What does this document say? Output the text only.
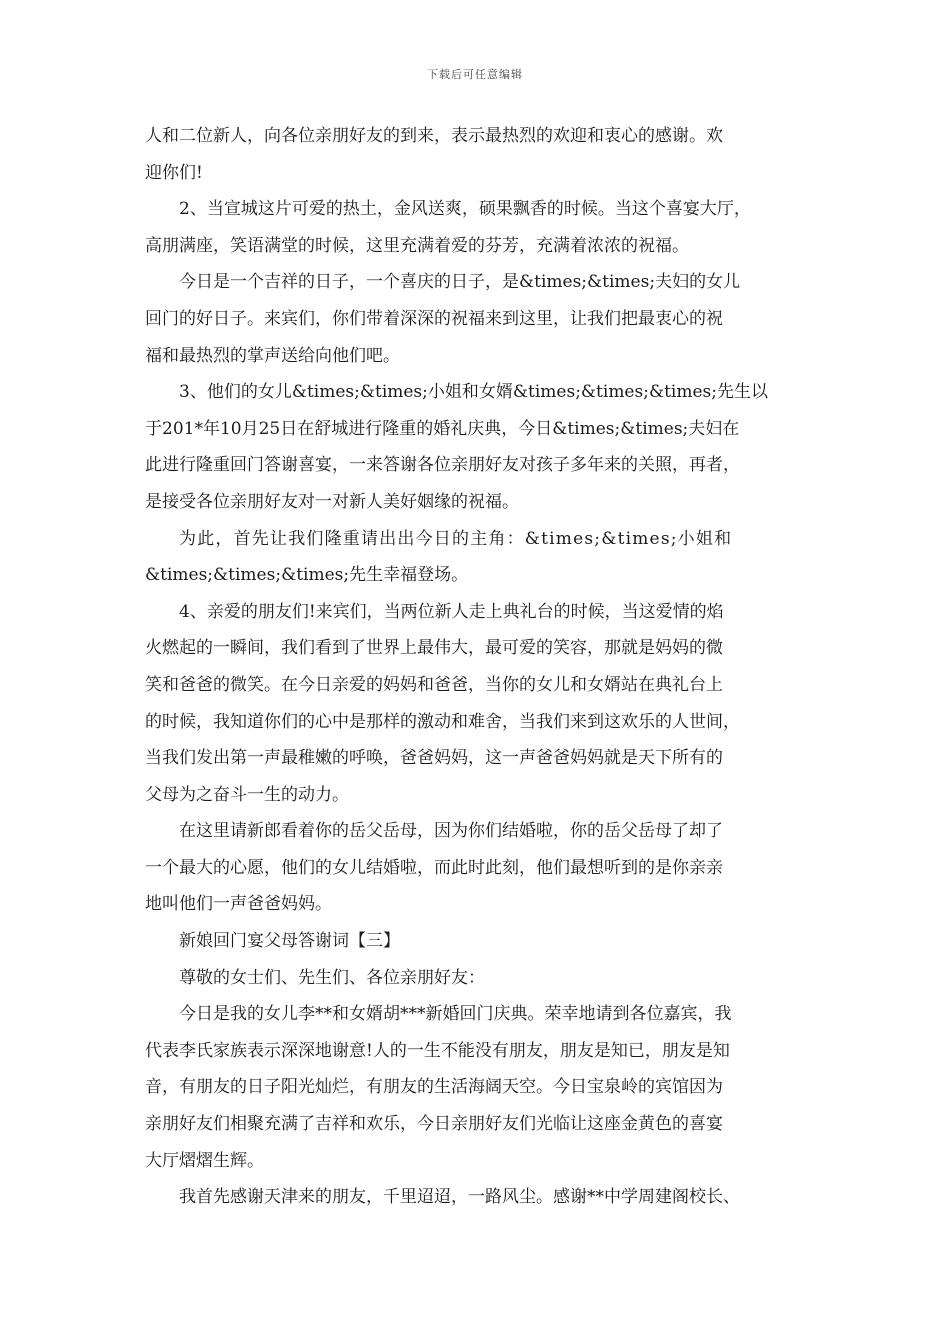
下载后可任意编辑

人和二位新人，向各位亲朋好友的到来，表示最热烈的欢迎和衷心的感谢。欢

迎你们!

2、当宣城这片可爱的热土，金风送爽，硕果飘香的时候。当这个喜宴大厅，

高朋满座，笑语满堂的时候，这里充满着爱的芬芳，充满着浓浓的祝福。

今日是一个吉祥的日子，一个喜庆的日子，是&times;&times;夫妇的女儿

回门的好日子。来宾们，你们带着深深的祝福来到这里，让我们把最衷心的祝

福和最热烈的掌声送给向他们吧。

3、他们的女儿&times;&times;小姐和女婿&times;&times;&times;先生以

于201*年10月25日在舒城进行隆重的婚礼庆典，今日&times;&times;夫妇在

此进行隆重回门答谢喜宴，一来答谢各位亲朋好友对孩子多年来的关照，再者，

是接受各位亲朋好友对一对新人美好姻缘的祝福。

为此，首先让我们隆重请出出今日的主角：&times;&times;小姐和

&times;&times;&times;先生幸福登场。

4、亲爱的朋友们!来宾们，当两位新人走上典礼台的时候，当这爱情的焰

火燃起的一瞬间，我们看到了世界上最伟大，最可爱的笑容，那就是妈妈的微

笑和爸爸的微笑。在今日亲爱的妈妈和爸爸，当你的女儿和女婿站在典礼台上

的时候，我知道你们的心中是那样的激动和难舍，当我们来到这欢乐的人世间，

当我们发出第一声最稚嫩的呼唤，爸爸妈妈，这一声爸爸妈妈就是天下所有的

父母为之奋斗一生的动力。

在这里请新郎看着你的岳父岳母，因为你们结婚啦，你的岳父岳母了却了

一个最大的心愿，他们的女儿结婚啦，而此时此刻，他们最想听到的是你亲亲

地叫他们一声爸爸妈妈。

新娘回门宴父母答谢词【三】

尊敬的女士们、先生们、各位亲朋好友：

今日是我的女儿李**和女婿胡***新婚回门庆典。荣幸地请到各位嘉宾，我

代表李氏家族表示深深地谢意!人的一生不能没有朋友，朋友是知已，朋友是知

音，有朋友的日子阳光灿烂，有朋友的生活海阔天空。今日宝泉岭的宾馆因为

亲朋好友们相聚充满了吉祥和欢乐，今日亲朋好友们光临让这座金黄色的喜宴

大厅熠熠生辉。

我首先感谢天津来的朋友，千里迢迢，一路风尘。感谢**中学周建阁校长、
